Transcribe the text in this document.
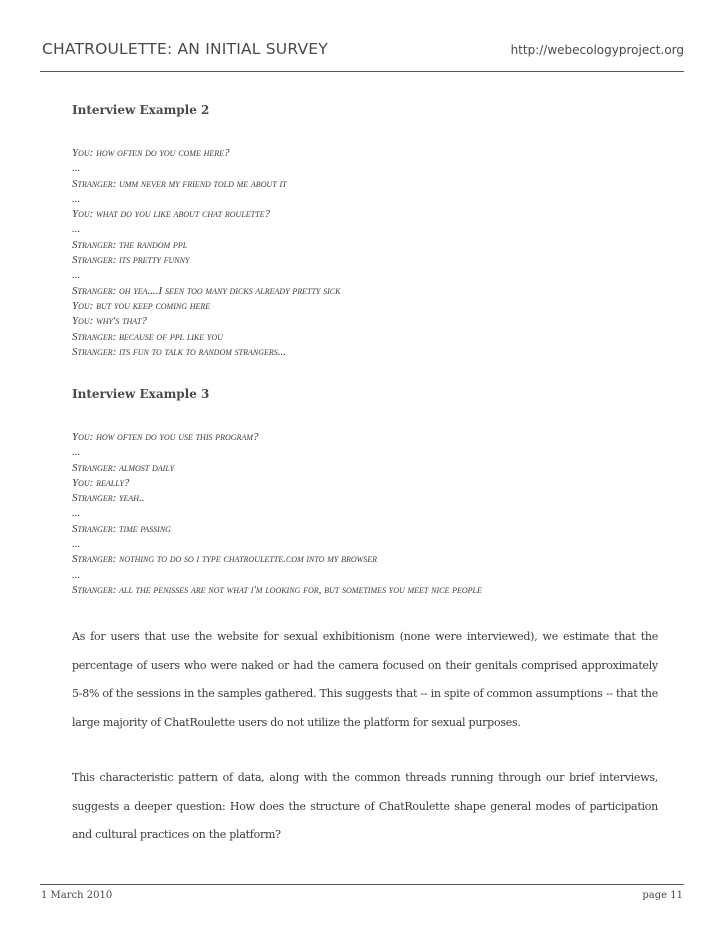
CHATROULETTE: AN INITIAL SURVEY	http://webecologyproject.org
Interview Example 2
You: how often do you come here?
...
Stranger: umm never my friend told me about it
...
You: what do you like about chat roulette?
...
Stranger: the random ppl
Stranger: its pretty funny
...
Stranger: oh yea....I seen too many dicks already pretty sick
You: but you keep coming here
You: why's that?
Stranger: because of ppl like you
Stranger: its fun to talk to random strangers...
Interview Example 3
You: how often do you use this program?
...
Stranger: almost daily
You: really?
Stranger: yeah..
...
Stranger: time passing
...
Stranger: nothing to do so i type chatroulette.com into my browser
...
Stranger: all the penisses are not what i'm looking for, but sometimes you meet nice people

As for users that use the website for sexual exhibitionism (none were interviewed), we estimate that the percentage of users who were naked or had the camera focused on their genitals comprised approximately 5-8% of the sessions in the samples gathered. This suggests that -- in spite of common assumptions -- that the large majority of ChatRoulette users do not utilize the platform for sexual purposes.

This characteristic pattern of data, along with the common threads running through our brief interviews, suggests a deeper question: How does the structure of ChatRoulette shape general modes of participation and cultural practices on the platform?

1 March 2010	page 11
